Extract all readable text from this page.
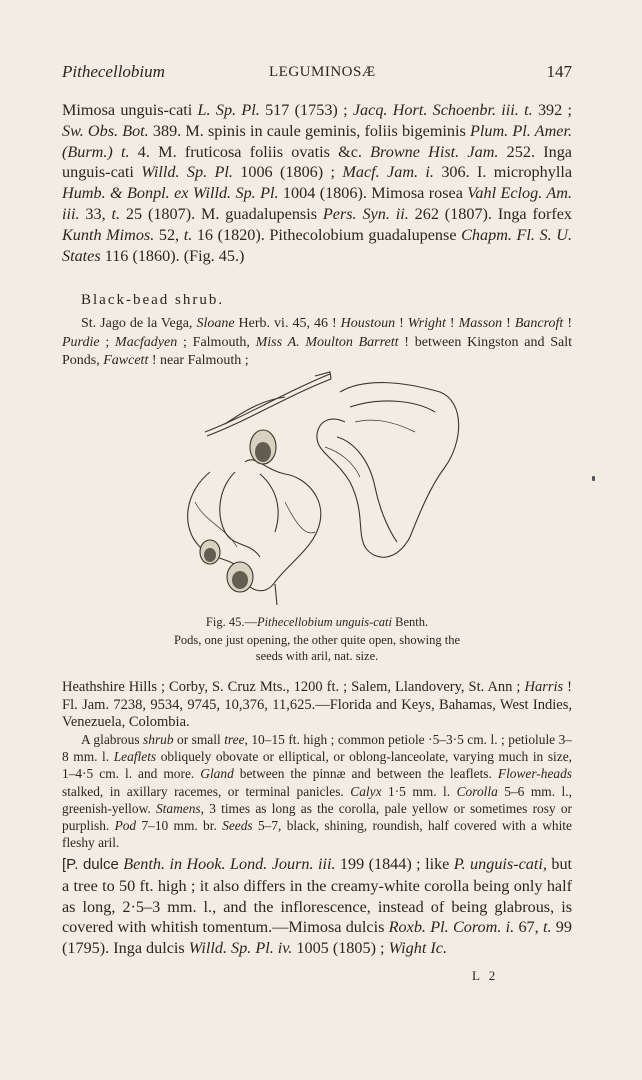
Pithecellobium	LEGUMINOSÆ	147
Mimosa unguis-cati L. Sp. Pl. 517 (1753) ; Jacq. Hort. Schoenbr. iii. t. 392 ; Sw. Obs. Bot. 389. M. spinis in caule geminis, foliis bigeminis Plum. Pl. Amer. (Burm.) t. 4. M. fruticosa foliis ovatis &c. Browne Hist. Jam. 252. Inga unguis-cati Willd. Sp. Pl. 1006 (1806) ; Macf. Jam. i. 306. I. microphylla Humb. & Bonpl. ex Willd. Sp. Pl. 1004 (1806). Mimosa rosea Vahl Eclog. Am. iii. 33, t. 25 (1807). M. guadalupensis Pers. Syn. ii. 262 (1807). Inga forfex Kunth Mimos. 52, t. 16 (1820). Pithecolobium guadalupense Chapm. Fl. S. U. States 116 (1860). (Fig. 45.)
Black-bead shrub.
St. Jago de la Vega, Sloane Herb. vi. 45, 46 ! Houstoun ! Wright ! Masson ! Bancroft ! Purdie ; Macfadyen ; Falmouth, Miss A. Moulton Barrett ! between Kingston and Salt Ponds, Fawcett ! near Falmouth ;
Fig. 45.—Pithecellobium unguis-cati Benth.
Pods, one just opening, the other quite open, showing the seeds with aril, nat. size.
Heathshire Hills ; Corby, S. Cruz Mts., 1200 ft. ; Salem, Llandovery, St. Ann ; Harris ! Fl. Jam. 7238, 9534, 9745, 10,376, 11,625.—Florida and Keys, Bahamas, West Indies, Venezuela, Colombia.
A glabrous shrub or small tree, 10–15 ft. high ; common petiole ·5–3·5 cm. l. ; petiolule 3–8 mm. l. Leaflets obliquely obovate or elliptical, or oblong-lanceolate, varying much in size, 1–4·5 cm. l. and more. Gland between the pinnæ and between the leaflets. Flower-heads stalked, in axillary racemes, or terminal panicles. Calyx 1·5 mm. l. Corolla 5–6 mm. l., greenish-yellow. Stamens, 3 times as long as the corolla, pale yellow or sometimes rosy or purplish. Pod 7–10 mm. br. Seeds 5–7, black, shining, roundish, half covered with a white fleshy aril.
[P. dulce Benth. in Hook. Lond. Journ. iii. 199 (1844) ; like P. unguis-cati, but a tree to 50 ft. high ; it also differs in the creamy-white corolla being only half as long, 2·5–3 mm. l., and the inflorescence, instead of being glabrous, is covered with whitish tomentum.—Mimosa dulcis Roxb. Pl. Corom. i. 67, t. 99 (1795). Inga dulcis Willd. Sp. Pl. iv. 1005 (1805) ; Wight Ic.
L 2
